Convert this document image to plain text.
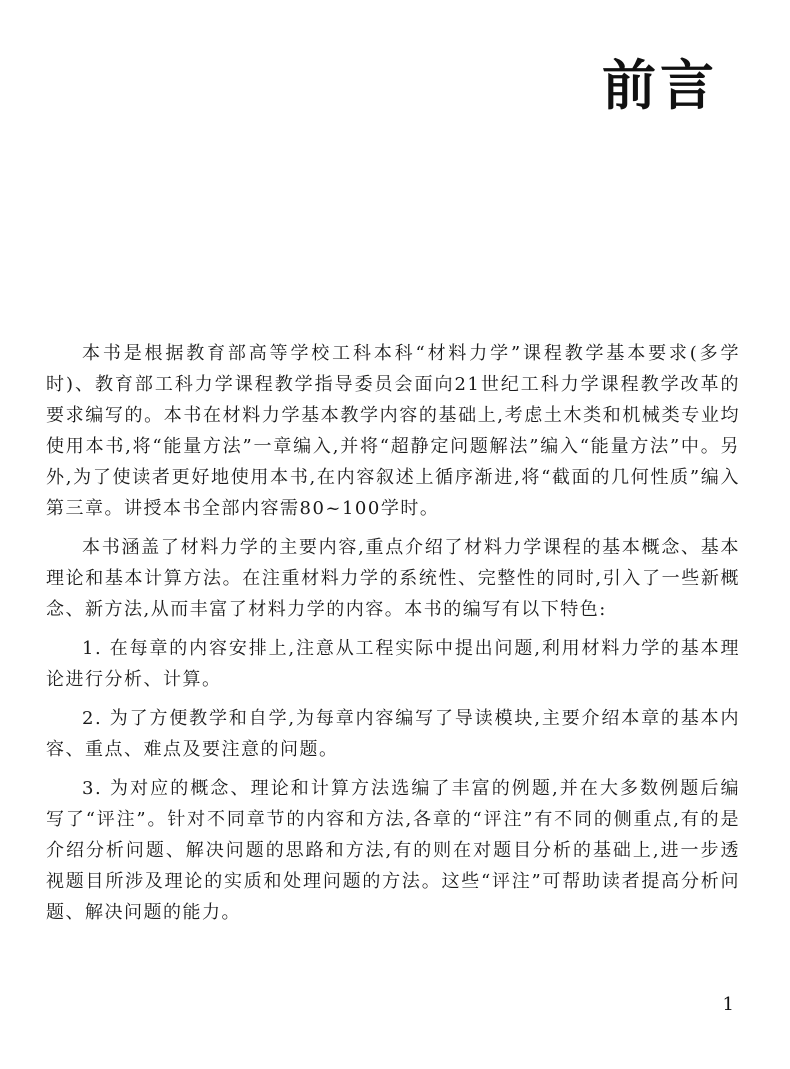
前言

本书是根据教育部高等学校工科本科“材料力学”课程教学基本要求(多学时)、教育部工科力学课程教学指导委员会面向21世纪工科力学课程教学改革的要求编写的。本书在材料力学基本教学内容的基础上,考虑土木类和机械类专业均使用本书,将“能量方法”一章编入,并将“超静定问题解法”编入“能量方法”中。另外,为了使读者更好地使用本书,在内容叙述上循序渐进,将“截面的几何性质”编入第三章。讲授本书全部内容需80~100学时。

本书涵盖了材料力学的主要内容,重点介绍了材料力学课程的基本概念、基本理论和基本计算方法。在注重材料力学的系统性、完整性的同时,引入了一些新概念、新方法,从而丰富了材料力学的内容。本书的编写有以下特色:

1. 在每章的内容安排上,注意从工程实际中提出问题,利用材料力学的基本理论进行分析、计算。

2. 为了方便教学和自学,为每章内容编写了导读模块,主要介绍本章的基本内容、重点、难点及要注意的问题。

3. 为对应的概念、理论和计算方法选编了丰富的例题,并在大多数例题后编写了“评注”。针对不同章节的内容和方法,各章的“评注”有不同的侧重点,有的是介绍分析问题、解决问题的思路和方法,有的则在对题目分析的基础上,进一步透视题目所涉及理论的实质和处理问题的方法。这些“评注”可帮助读者提高分析问题、解决问题的能力。

1
